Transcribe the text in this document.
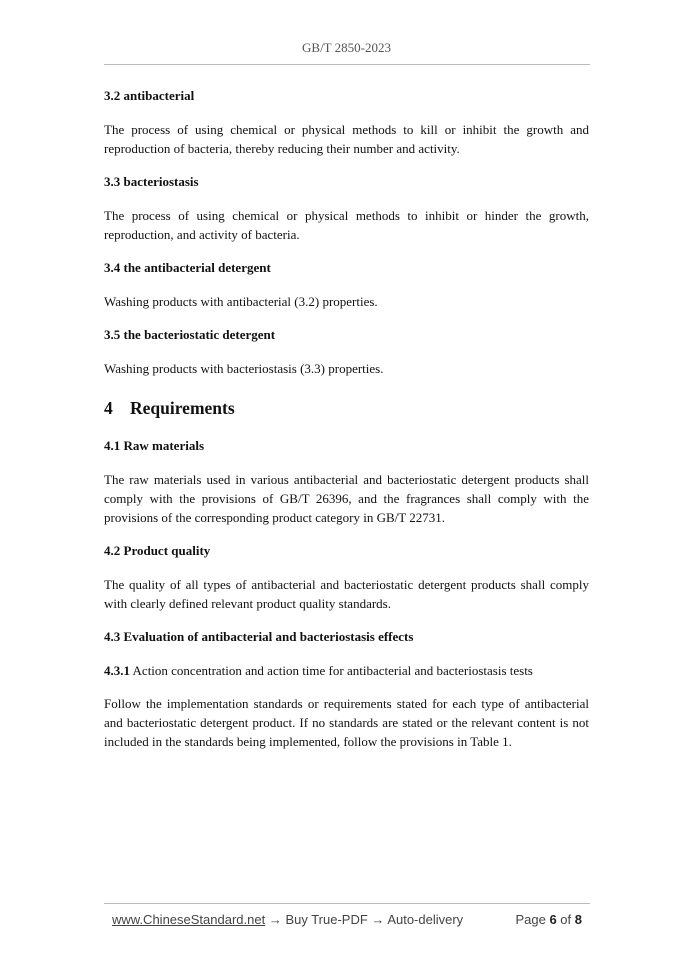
GB/T 2850-2023
3.2 antibacterial
The process of using chemical or physical methods to kill or inhibit the growth and reproduction of bacteria, thereby reducing their number and activity.
3.3 bacteriostasis
The process of using chemical or physical methods to inhibit or hinder the growth, reproduction, and activity of bacteria.
3.4 the antibacterial detergent
Washing products with antibacterial (3.2) properties.
3.5 the bacteriostatic detergent
Washing products with bacteriostasis (3.3) properties.
4 Requirements
4.1 Raw materials
The raw materials used in various antibacterial and bacteriostatic detergent products shall comply with the provisions of GB/T 26396, and the fragrances shall comply with the provisions of the corresponding product category in GB/T 22731.
4.2 Product quality
The quality of all types of antibacterial and bacteriostatic detergent products shall comply with clearly defined relevant product quality standards.
4.3 Evaluation of antibacterial and bacteriostasis effects
4.3.1 Action concentration and action time for antibacterial and bacteriostasis tests
Follow the implementation standards or requirements stated for each type of antibacterial and bacteriostatic detergent product. If no standards are stated or the relevant content is not included in the standards being implemented, follow the provisions in Table 1.
www.ChineseStandard.net → Buy True-PDF → Auto-delivery	Page 6 of 8
